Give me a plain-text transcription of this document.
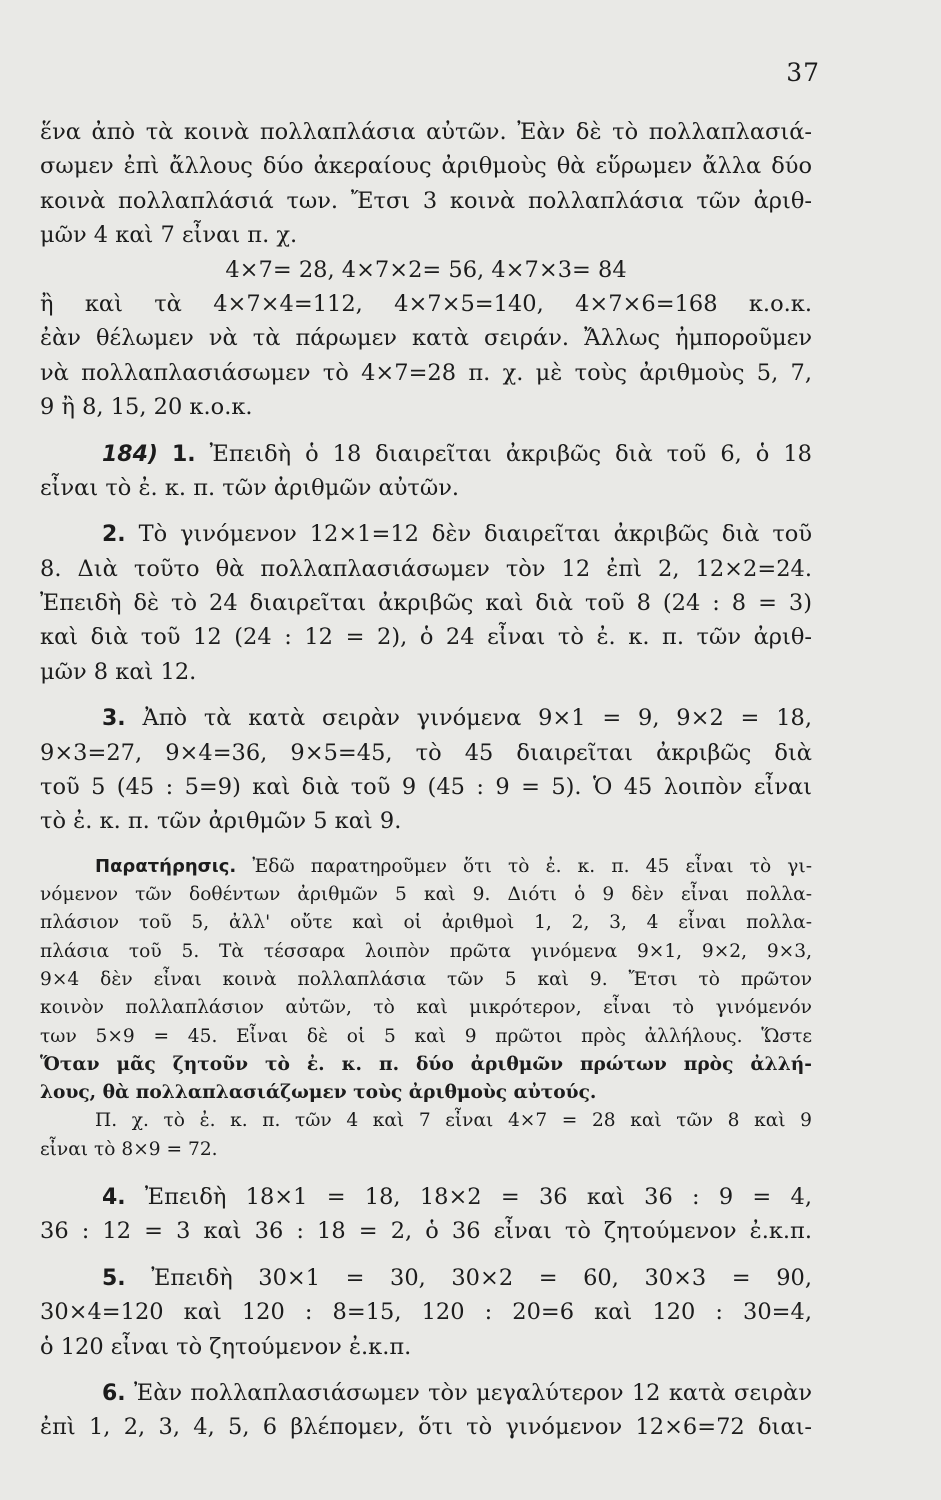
37
ἕνα ἀπὸ τὰ κοινὰ πολλαπλάσια αὐτῶν. Ἐὰν δὲ τὸ πολλαπλασιά-
σωμεν ἐπὶ ἄλλους δύο ἀκεραίους ἀριθμοὺς θὰ εὕρωμεν ἄλλα δύο
κοινὰ πολλαπλάσιά των. Ἔτσι 3 κοινὰ πολλαπλάσια τῶν ἀριθ-
μῶν 4 καὶ 7 εἶναι π. χ.
4×7= 28, 4×7×2= 56, 4×7×3= 84
ἢ καὶ τὰ 4×7×4=112, 4×7×5=140, 4×7×6=168 κ.ο.κ.
ἐὰν θέλωμεν νὰ τὰ πάρωμεν κατὰ σειράν. Ἄλλως ἠμποροῦμεν
νὰ πολλαπλασιάσωμεν τὸ 4×7=28 π. χ. μὲ τοὺς ἀριθμοὺς 5, 7,
9 ἢ 8, 15, 20 κ.ο.κ.
184) 1. Ἐπειδὴ ὁ 18 διαιρεῖται ἀκριβῶς διὰ τοῦ 6, ὁ 18
εἶναι τὸ ἐ. κ. π. τῶν ἀριθμῶν αὐτῶν.
2. Τὸ γινόμενον 12×1=12 δὲν διαιρεῖται ἀκριβῶς διὰ τοῦ
8. Διὰ τοῦτο θὰ πολλαπλασιάσωμεν τὸν 12 ἐπὶ 2, 12×2=24.
Ἐπειδὴ δὲ τὸ 24 διαιρεῖται ἀκριβῶς καὶ διὰ τοῦ 8 (24 : 8 = 3)
καὶ διὰ τοῦ 12 (24 : 12 = 2), ὁ 24 εἶναι τὸ ἐ. κ. π. τῶν ἀριθ-
μῶν 8 καὶ 12.
3. Ἀπὸ τὰ κατὰ σειρὰν γινόμενα 9×1 = 9, 9×2 = 18,
9×3=27, 9×4=36, 9×5=45, τὸ 45 διαιρεῖται ἀκριβῶς διὰ
τοῦ 5 (45 : 5=9) καὶ διὰ τοῦ 9 (45 : 9 = 5). Ὁ 45 λοιπὸν εἶναι
τὸ ἐ. κ. π. τῶν ἀριθμῶν 5 καὶ 9.
Παρατήρησις. Ἐδῶ παρατηροῦμεν ὅτι τὸ ἐ. κ. π. 45 εἶναι τὸ γι-
νόμενον τῶν δοθέντων ἀριθμῶν 5 καὶ 9. Διότι ὁ 9 δὲν εἶναι πολλα-
πλάσιον τοῦ 5, ἀλλ' οὔτε καὶ οἱ ἀριθμοὶ 1, 2, 3, 4 εἶναι πολλα-
πλάσια τοῦ 5. Τὰ τέσσαρα λοιπὸν πρῶτα γινόμενα 9×1, 9×2, 9×3,
9×4 δὲν εἶναι κοινὰ πολλαπλάσια τῶν 5 καὶ 9. Ἔτσι τὸ πρῶτον
κοινὸν πολλαπλάσιον αὐτῶν, τὸ καὶ μικρότερον, εἶναι τὸ γινόμενόν
των 5×9 = 45. Εἶναι δὲ οἱ 5 καὶ 9 πρῶτοι πρὸς ἀλλήλους. Ὥστε
Ὅταν μᾶς ζητοῦν τὸ ἐ. κ. π. δύο ἀριθμῶν πρώτων πρὸς ἀλλή-
λους, θὰ πολλαπλασιάζωμεν τοὺς ἀριθμοὺς αὐτούς.
Π. χ. τὸ ἐ. κ. π. τῶν 4 καὶ 7 εἶναι 4×7 = 28 καὶ τῶν 8 καὶ 9
εἶναι τὸ 8×9 = 72.
4. Ἐπειδὴ 18×1 = 18, 18×2 = 36 καὶ 36 : 9 = 4,
36 : 12 = 3 καὶ 36 : 18 = 2, ὁ 36 εἶναι τὸ ζητούμενον ἐ.κ.π.
5. Ἐπειδὴ 30×1 = 30, 30×2 = 60, 30×3 = 90,
30×4=120 καὶ 120 : 8=15, 120 : 20=6 καὶ 120 : 30=4,
ὁ 120 εἶναι τὸ ζητούμενον ἐ.κ.π.
6. Ἐὰν πολλαπλασιάσωμεν τὸν μεγαλύτερον 12 κατὰ σειρὰν
ἐπὶ 1, 2, 3, 4, 5, 6 βλέπομεν, ὅτι τὸ γινόμενον 12×6=72 διαι-
